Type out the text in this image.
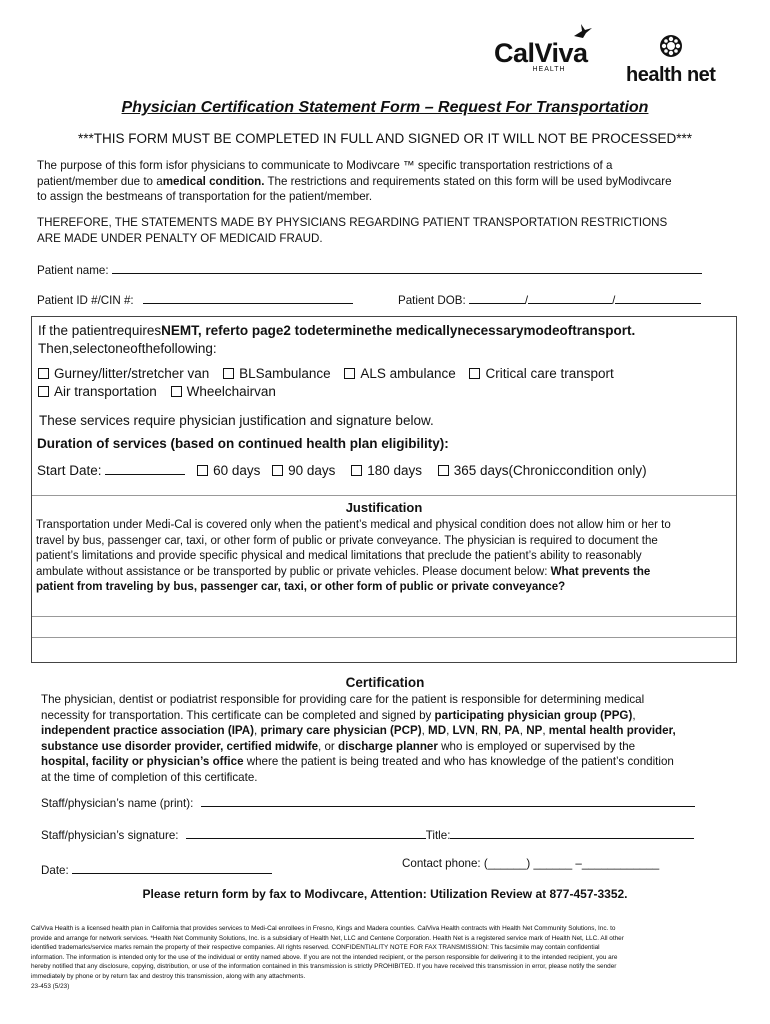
CalViva
HEALTH	health net
Physician Certification Statement Form – Request For Transportation
***THIS FORM MUST BE COMPLETED IN FULL AND SIGNED OR IT WILL NOT BE PROCESSED***
The purpose of this form isfor physicians to communicate to Modivcare ™ specific transportation restrictions of a
patient/member due to amedical condition. The restrictions and requirements stated on this form will be used byModivcare
to assign the bestmeans of transportation for the patient/member.
THEREFORE, THE STATEMENTS MADE BY PHYSICIANS REGARDING PATIENT TRANSPORTATION RESTRICTIONS
ARE MADE UNDER PENALTY OF MEDICAID FRAUD.
Patient name:
Patient ID #/CIN #:	Patient DOB:	/	/
If the patientrequiresNEMT, referto page2 todeterminethe medicallynecessarymodeoftransport.
Then,selectoneofthefollowing:
Gurney/litter/stretcher van BLSambulance ALS ambulance Critical care transport
Air transportation Wheelchairvan
These services require physician justification and signature below.
Duration of services (based on continued health plan eligibility):
Start Date:	60 days 90 days 180 days 365 days(Chroniccondition only)
Justification
Transportation under Medi-Cal is covered only when the patient’s medical and physical condition does not allow him or her to
travel by bus, passenger car, taxi, or other form of public or private conveyance. The physician is required to document the
patient’s limitations and provide specific physical and medical limitations that preclude the patient’s ability to reasonably
ambulate without assistance or be transported by public or private vehicles. Please document below: What prevents the
patient from traveling by bus, passenger car, taxi, or other form of public or private conveyance?
Certification
The physician, dentist or podiatrist responsible for providing care for the patient is responsible for determining medical
necessity for transportation. This certificate can be completed and signed by participating physician group (PPG),
independent practice association (IPA), primary care physician (PCP), MD, LVN, RN, PA, NP, mental health provider,
substance use disorder provider, certified midwife, or discharge planner who is employed or supervised by the
hospital, facility or physician’s office where the patient is being treated and who has knowledge of the patient’s condition
at the time of completion of this certificate.
Staff/physician’s name (print):
Staff/physician’s signature:	Title:
Date:
Contact phone: (______) ______ –____________
Please return form by fax to Modivcare, Attention: Utilization Review at 877-457-3352.
CalViva Health is a licensed health plan in California that provides services to Medi-Cal enrollees in Fresno, Kings and Madera counties. CalViva Health contracts with Health Net Community Solutions, Inc. to
provide and arrange for network services. *Health Net Community Solutions, Inc. is a subsidiary of Health Net, LLC and Centene Corporation. Health Net is a registered service mark of Health Net, LLC. All other
identified trademarks/service marks remain the property of their respective companies. All rights reserved. CONFIDENTIALITY NOTE FOR FAX TRANSMISSION: This facsimile may contain confidential
information. The information is intended only for the use of the individual or entity named above. If you are not the intended recipient, or the person responsible for delivering it to the intended recipient, you are
hereby notified that any disclosure, copying, distribution, or use of the information contained in this transmission is strictly PROHIBITED. If you have received this transmission in error, please notify the sender
immediately by phone or by return fax and destroy this transmission, along with any attachments.
23-453 (5/23)
